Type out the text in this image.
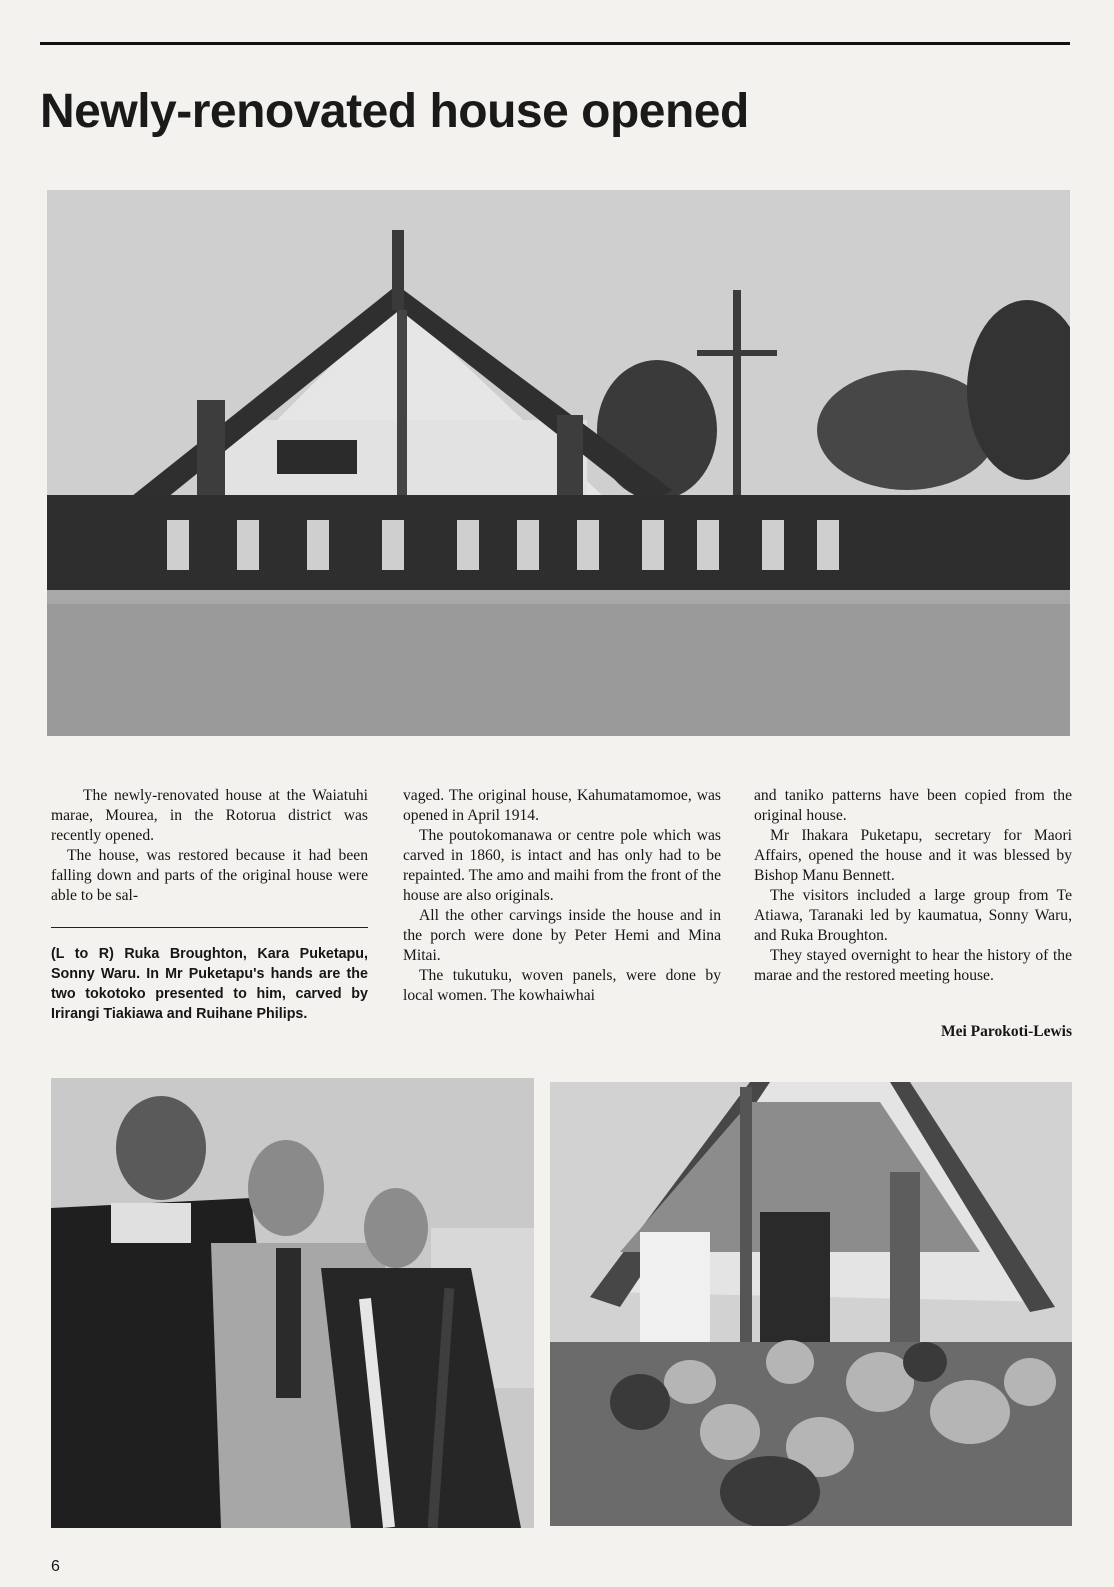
Newly-renovated house opened

The newly-renovated house at the Waiatuhi marae, Mourea, in the Rotorua district was recently opened.

The house, was restored because it had been falling down and parts of the original house were able to be sal-

(L to R) Ruka Broughton, Kara Puketapu, Sonny Waru. In Mr Puketapu's hands are the two tokotoko presented to him, carved by Irirangi Tiakiawa and Ruihane Philips.

vaged. The original house, Kahumatamomoe, was opened in April 1914.

The poutokomanawa or centre pole which was carved in 1860, is intact and has only had to be repainted. The amo and maihi from the front of the house are also originals.

All the other carvings inside the house and in the porch were done by Peter Hemi and Mina Mitai.

The tukutuku, woven panels, were done by local women. The kowhaiwhai

and taniko patterns have been copied from the original house.

Mr Ihakara Puketapu, secretary for Maori Affairs, opened the house and it was blessed by Bishop Manu Bennett.

The visitors included a large group from Te Atiawa, Taranaki led by kaumatua, Sonny Waru, and Ruka Broughton.

They stayed overnight to hear the history of the marae and the restored meeting house.

Mei Parokoti-Lewis

6
